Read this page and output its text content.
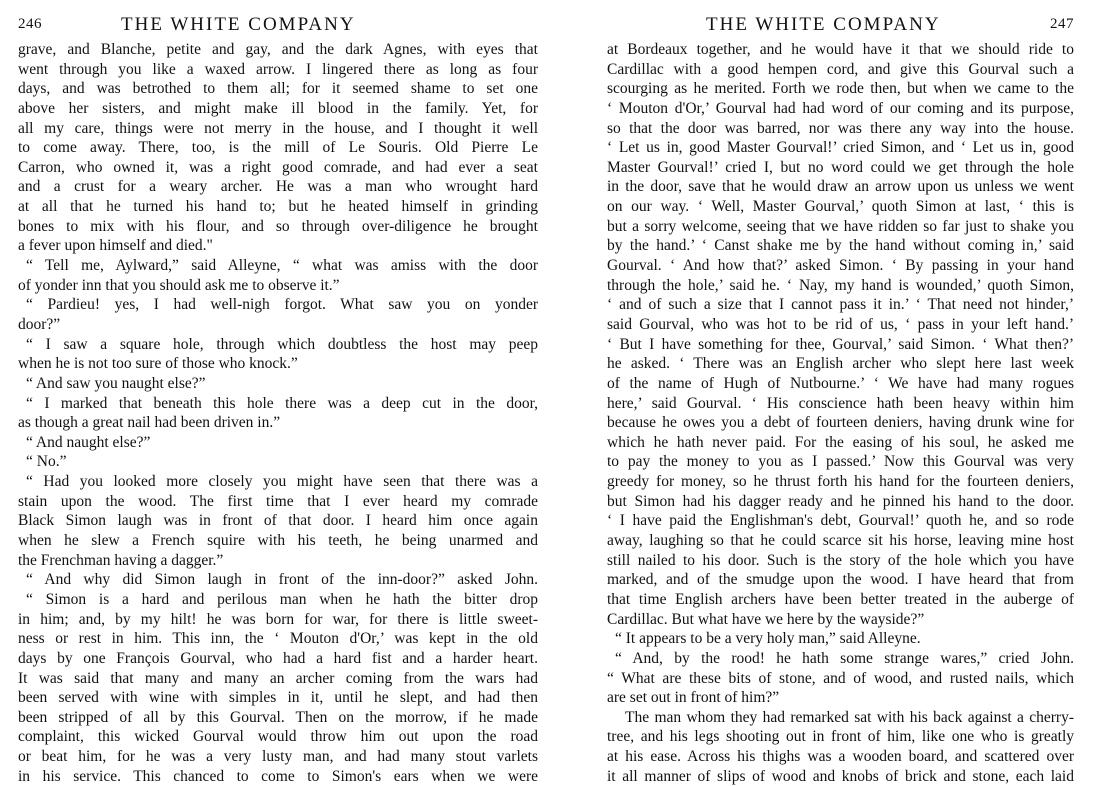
246	THE WHITE COMPANY
grave, and Blanche, petite and gay, and the dark Agnes, with eyes that
went through you like a waxed arrow. I lingered there as long as four
days, and was betrothed to them all; for it seemed shame to set one
above her sisters, and might make ill blood in the family. Yet, for
all my care, things were not merry in the house, and I thought it well
to come away. There, too, is the mill of Le Souris. Old Pierre Le
Carron, who owned it, was a right good comrade, and had ever a seat
and a crust for a weary archer. He was a man who wrought hard
at all that he turned his hand to; but he heated himself in grinding
bones to mix with his flour, and so through over-diligence he brought
a fever upon himself and died."
“ Tell me, Aylward,” said Alleyne, “ what was amiss with the door
of yonder inn that you should ask me to observe it.”
“ Pardieu! yes, I had well-nigh forgot. What saw you on yonder
door?”
“ I saw a square hole, through which doubtless the host may peep
when he is not too sure of those who knock.”
“ And saw you naught else?”
“ I marked that beneath this hole there was a deep cut in the door,
as though a great nail had been driven in.”
“ And naught else?”
“ No.”
“ Had you looked more closely you might have seen that there was a
stain upon the wood. The first time that I ever heard my comrade
Black Simon laugh was in front of that door. I heard him once again
when he slew a French squire with his teeth, he being unarmed and
the Frenchman having a dagger.”
“ And why did Simon laugh in front of the inn-door?” asked John.
“ Simon is a hard and perilous man when he hath the bitter drop
in him; and, by my hilt! he was born for war, for there is little sweet-
ness or rest in him. This inn, the ‘ Mouton d'Or,’ was kept in the old
days by one François Gourval, who had a hard fist and a harder heart.
It was said that many and many an archer coming from the wars had
been served with wine with simples in it, until he slept, and had then
been stripped of all by this Gourval. Then on the morrow, if he made
complaint, this wicked Gourval would throw him out upon the road
or beat him, for he was a very lusty man, and had many stout varlets
in his service. This chanced to come to Simon's ears when we were
THE WHITE COMPANY	247
at Bordeaux together, and he would have it that we should ride to
Cardillac with a good hempen cord, and give this Gourval such a
scourging as he merited. Forth we rode then, but when we came to the
‘ Mouton d'Or,’ Gourval had had word of our coming and its purpose,
so that the door was barred, nor was there any way into the house.
‘ Let us in, good Master Gourval!’ cried Simon, and ‘ Let us in, good
Master Gourval!’ cried I, but no word could we get through the hole
in the door, save that he would draw an arrow upon us unless we went
on our way. ‘ Well, Master Gourval,’ quoth Simon at last, ‘ this is
but a sorry welcome, seeing that we have ridden so far just to shake you
by the hand.’ ‘ Canst shake me by the hand without coming in,’ said
Gourval. ‘ And how that?’ asked Simon. ‘ By passing in your hand
through the hole,’ said he. ‘ Nay, my hand is wounded,’ quoth Simon,
‘ and of such a size that I cannot pass it in.’ ‘ That need not hinder,’
said Gourval, who was hot to be rid of us, ‘ pass in your left hand.’
‘ But I have something for thee, Gourval,’ said Simon. ‘ What then?’
he asked. ‘ There was an English archer who slept here last week
of the name of Hugh of Nutbourne.’ ‘ We have had many rogues
here,’ said Gourval. ‘ His conscience hath been heavy within him
because he owes you a debt of fourteen deniers, having drunk wine for
which he hath never paid. For the easing of his soul, he asked me
to pay the money to you as I passed.’ Now this Gourval was very
greedy for money, so he thrust forth his hand for the fourteen deniers,
but Simon had his dagger ready and he pinned his hand to the door.
‘ I have paid the Englishman's debt, Gourval!’ quoth he, and so rode
away, laughing so that he could scarce sit his horse, leaving mine host
still nailed to his door. Such is the story of the hole which you have
marked, and of the smudge upon the wood. I have heard that from
that time English archers have been better treated in the auberge of
Cardillac. But what have we here by the wayside?”
“ It appears to be a very holy man,” said Alleyne.
“ And, by the rood! he hath some strange wares,” cried John.
“ What are these bits of stone, and of wood, and rusted nails, which
are set out in front of him?”
The man whom they had remarked sat with his back against a cherry-
tree, and his legs shooting out in front of him, like one who is greatly
at his ease. Across his thighs was a wooden board, and scattered over
it all manner of slips of wood and knobs of brick and stone, each laid
